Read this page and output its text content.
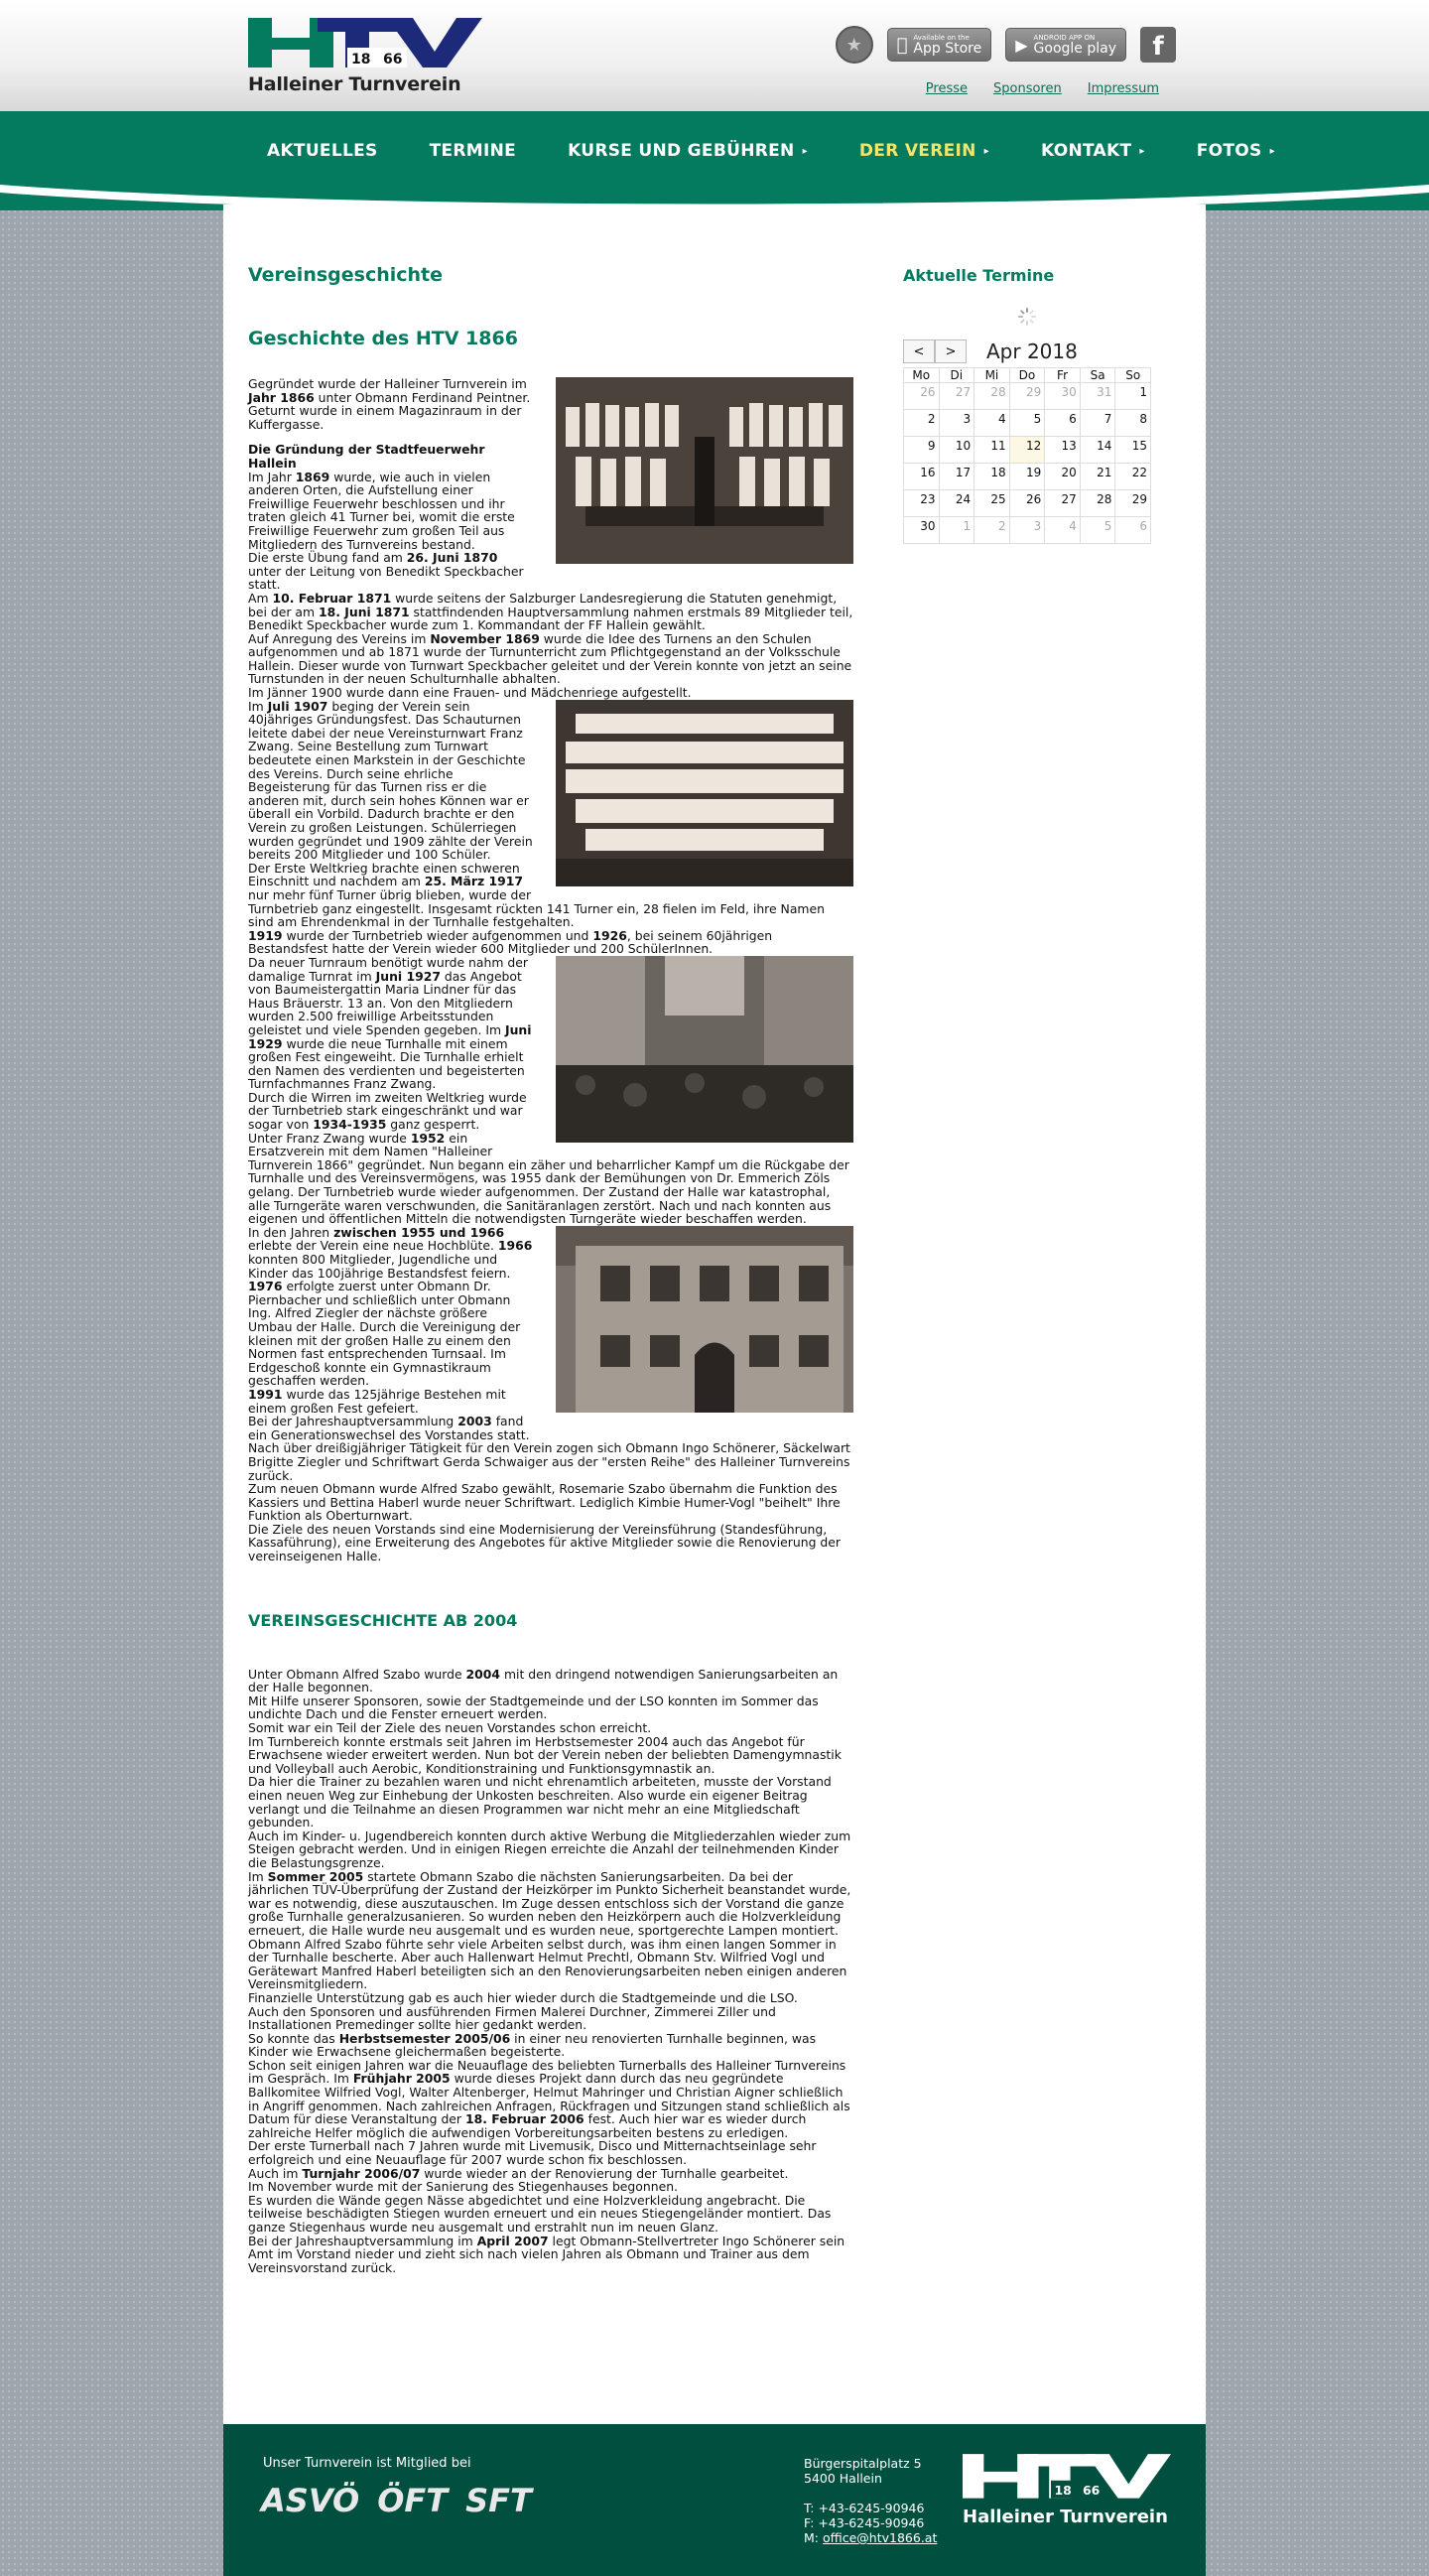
18 66
Halleiner Turnverein
★
Available on the
App Store ▶ ANDROID APP ON
Google play	f
Presse Sponsoren Impressum
AKTUELLES	TERMINE	KURSE UND GEBÜHREN ▸	DER VEREIN ▸	KONTAKT ▸	FOTOS ▸
Vereinsgeschichte
Geschichte des HTV 1866

Gegründet wurde der Halleiner Turnverein im Jahr 1866 unter Obmann Ferdinand Peintner. Geturnt wurde in einem Magazinraum in der Kuffergasse.

Die Gründung der Stadtfeuerwehr Hallein
Im Jahr 1869 wurde, wie auch in vielen anderen Orten, die Aufstellung einer Freiwillige Feuerwehr beschlossen und ihr traten gleich 41 Turner bei, womit die erste Freiwillige Feuerwehr zum großen Teil aus Mitgliedern des Turnvereins bestand.
Die erste Übung fand am 26. Juni 1870 unter der Leitung von Benedikt Speckbacher statt.
Am 10. Februar 1871 wurde seitens der Salzburger Landesregierung die Statuten genehmigt, bei der am 18. Juni 1871 stattfindenden Hauptversammlung nahmen erstmals 89 Mitglieder teil, Benedikt Speckbacher wurde zum 1. Kommandant der FF Hallein gewählt.
Auf Anregung des Vereins im November 1869 wurde die Idee des Turnens an den Schulen aufgenommen und ab 1871 wurde der Turnunterricht zum Pflichtgegenstand an der Volksschule Hallein. Dieser wurde von Turnwart Speckbacher geleitet und der Verein konnte von jetzt an seine Turnstunden in der neuen Schulturnhalle abhalten.
Im Jänner 1900 wurde dann eine Frauen- und Mädchenriege aufgestellt.

Im Juli 1907 beging der Verein sein 40jähriges Gründungsfest. Das Schauturnen leitete dabei der neue Vereinsturnwart Franz Zwang. Seine Bestellung zum Turnwart bedeutete einen Markstein in der Geschichte des Vereins. Durch seine ehrliche Begeisterung für das Turnen riss er die anderen mit, durch sein hohes Können war er überall ein Vorbild. Dadurch brachte er den Verein zu großen Leistungen. Schülerriegen wurden gegründet und 1909 zählte der Verein bereits 200 Mitglieder und 100 Schüler.
Der Erste Weltkrieg brachte einen schweren Einschnitt und nachdem am 25. März 1917 nur mehr fünf Turner übrig blieben, wurde der Turnbetrieb ganz eingestellt. Insgesamt rückten 141 Turner ein, 28 fielen im Feld, ihre Namen sind am Ehrendenkmal in der Turnhalle festgehalten.
1919 wurde der Turnbetrieb wieder aufgenommen und 1926, bei seinem 60jährigen Bestandsfest hatte der Verein wieder 600 Mitglieder und 200 SchülerInnen.

Da neuer Turnraum benötigt wurde nahm der damalige Turnrat im Juni 1927 das Angebot von Baumeistergattin Maria Lindner für das Haus Bräuerstr. 13 an. Von den Mitgliedern wurden 2.500 freiwillige Arbeitsstunden geleistet und viele Spenden gegeben. Im Juni 1929 wurde die neue Turnhalle mit einem großen Fest eingeweiht. Die Turnhalle erhielt den Namen des verdienten und begeisterten Turnfachmannes Franz Zwang.
Durch die Wirren im zweiten Weltkrieg wurde der Turnbetrieb stark eingeschränkt und war sogar von 1934-1935 ganz gesperrt.
Unter Franz Zwang wurde 1952 ein Ersatzverein mit dem Namen "Halleiner Turnverein 1866" gegründet. Nun begann ein zäher und beharrlicher Kampf um die Rückgabe der Turnhalle und des Vereinsvermögens, was 1955 dank der Bemühungen von Dr. Emmerich Zöls gelang. Der Turnbetrieb wurde wieder aufgenommen. Der Zustand der Halle war katastrophal, alle Turngeräte waren verschwunden, die Sanitäranlagen zerstört. Nach und nach konnten aus eigenen und öffentlichen Mitteln die notwendigsten Turngeräte wieder beschaffen werden.

In den Jahren zwischen 1955 und 1966 erlebte der Verein eine neue Hochblüte. 1966 konnten 800 Mitglieder, Jugendliche und Kinder das 100jährige Bestandsfest feiern.
1976 erfolgte zuerst unter Obmann Dr. Piernbacher und schließlich unter Obmann Ing. Alfred Ziegler der nächste größere Umbau der Halle. Durch die Vereinigung der kleinen mit der großen Halle zu einem den Normen fast entsprechenden Turnsaal. Im Erdgeschoß konnte ein Gymnastikraum geschaffen werden.
1991 wurde das 125jährige Bestehen mit einem großen Fest gefeiert.
Bei der Jahreshauptversammlung 2003 fand ein Generationswechsel des Vorstandes statt.
Nach über dreißigjähriger Tätigkeit für den Verein zogen sich Obmann Ingo Schönerer, Säckelwart Brigitte Ziegler und Schriftwart Gerda Schwaiger aus der "ersten Reihe" des Halleiner Turnvereins zurück.
Zum neuen Obmann wurde Alfred Szabo gewählt, Rosemarie Szabo übernahm die Funktion des Kassiers und Bettina Haberl wurde neuer Schriftwart. Lediglich Kimbie Humer-Vogl "beihelt" Ihre Funktion als Oberturnwart.
Die Ziele des neuen Vorstands sind eine Modernisierung der Vereinsführung (Standesführung, Kassaführung), eine Erweiterung des Angebotes für aktive Mitglieder sowie die Renovierung der vereinseigenen Halle.

VEREINSGESCHICHTE AB 2004

Unter Obmann Alfred Szabo wurde 2004 mit den dringend notwendigen Sanierungsarbeiten an der Halle begonnen.
Mit Hilfe unserer Sponsoren, sowie der Stadtgemeinde und der LSO konnten im Sommer das undichte Dach und die Fenster erneuert werden.
Somit war ein Teil der Ziele des neuen Vorstandes schon erreicht.
Im Turnbereich konnte erstmals seit Jahren im Herbstsemester 2004 auch das Angebot für Erwachsene wieder erweitert werden. Nun bot der Verein neben der beliebten Damengymnastik und Volleyball auch Aerobic, Konditionstraining und Funktionsgymnastik an.
Da hier die Trainer zu bezahlen waren und nicht ehrenamtlich arbeiteten, musste der Vorstand einen neuen Weg zur Einhebung der Unkosten beschreiten. Also wurde ein eigener Beitrag verlangt und die Teilnahme an diesen Programmen war nicht mehr an eine Mitgliedschaft gebunden.
Auch im Kinder- u. Jugendbereich konnten durch aktive Werbung die Mitgliederzahlen wieder zum Steigen gebracht werden. Und in einigen Riegen erreichte die Anzahl der teilnehmenden Kinder die Belastungsgrenze.
Im Sommer 2005 startete Obmann Szabo die nächsten Sanierungsarbeiten. Da bei der jährlichen TÜV-Überprüfung der Zustand der Heizkörper im Punkto Sicherheit beanstandet wurde, war es notwendig, diese auszutauschen. Im Zuge dessen entschloss sich der Vorstand die ganze große Turnhalle generalzusanieren. So wurden neben den Heizkörpern auch die Holzverkleidung erneuert, die Halle wurde neu ausgemalt und es wurden neue, sportgerechte Lampen montiert.
Obmann Alfred Szabo führte sehr viele Arbeiten selbst durch, was ihm einen langen Sommer in der Turnhalle bescherte. Aber auch Hallenwart Helmut Prechtl, Obmann Stv. Wilfried Vogl und Gerätewart Manfred Haberl beteiligten sich an den Renovierungsarbeiten neben einigen anderen Vereinsmitgliedern.
Finanzielle Unterstützung gab es auch hier wieder durch die Stadtgemeinde und die LSO.
Auch den Sponsoren und ausführenden Firmen Malerei Durchner, Zimmerei Ziller und Installationen Premedinger sollte hier gedankt werden.
So konnte das Herbstsemester 2005/06 in einer neu renovierten Turnhalle beginnen, was Kinder wie Erwachsene gleichermaßen begeisterte.
Schon seit einigen Jahren war die Neuauflage des beliebten Turnerballs des Halleiner Turnvereins im Gespräch. Im Frühjahr 2005 wurde dieses Projekt dann durch das neu gegründete Ballkomitee Wilfried Vogl, Walter Altenberger, Helmut Mahringer und Christian Aigner schließlich in Angriff genommen. Nach zahlreichen Anfragen, Rückfragen und Sitzungen stand schließlich als Datum für diese Veranstaltung der 18. Februar 2006 fest. Auch hier war es wieder durch zahlreiche Helfer möglich die aufwendigen Vorbereitungsarbeiten bestens zu erledigen.
Der erste Turnerball nach 7 Jahren wurde mit Livemusik, Disco und Mitternachtseinlage sehr erfolgreich und eine Neuauflage für 2007 wurde schon fix beschlossen.
Auch im Turnjahr 2006/07 wurde wieder an der Renovierung der Turnhalle gearbeitet.
Im November wurde mit der Sanierung des Stiegenhauses begonnen.
Es wurden die Wände gegen Nässe abgedichtet und eine Holzverkleidung angebracht. Die teilweise beschädigten Stiegen wurden erneuert und ein neues Stiegengeländer montiert. Das ganze Stiegenhaus wurde neu ausgemalt und erstrahlt nun im neuen Glanz.
Bei der Jahreshauptversammlung im April 2007 legt Obmann-Stellvertreter Ingo Schönerer sein Amt im Vorstand nieder und zieht sich nach vielen Jahren als Obmann und Trainer aus dem Vereinsvorstand zurück.

Aktuelle Termine
<	>	Apr 2018
Mo	Di	Mi	Do	Fr	Sa	So
26	27	28	29	30	31	1
2	3	4	5	6	7	8
9	10	11	12	13	14	15
16	17	18	19	20	21	22
23	24	25	26	27	28	29
30	1	2	3	4	5	6
Unser Turnverein ist Mitglied bei
ASVÖ ÖFT SFT
Bürgerspitalplatz 5
5400 Hallein
T: +43-6245-90946
F: +43-6245-90946
M: office@htv1866.at
18 66
Halleiner Turnverein
